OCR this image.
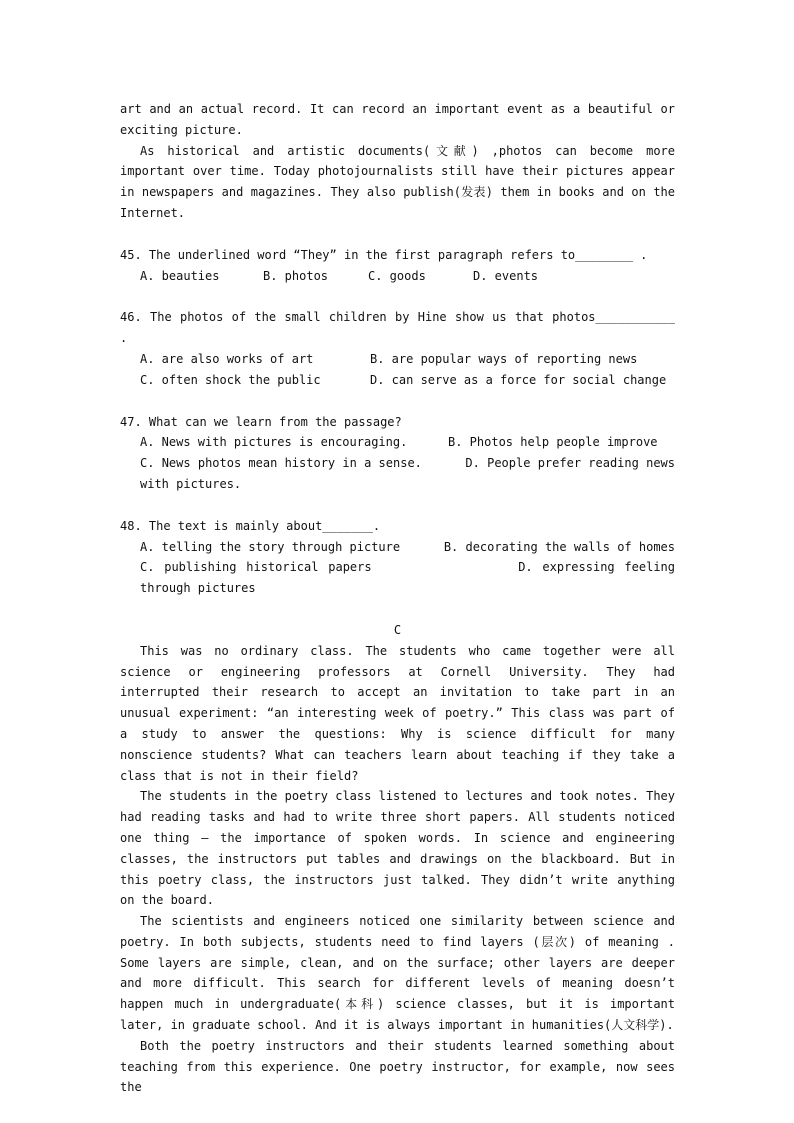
art and an actual record. It can record an important event as a beautiful or exciting picture.

As historical and artistic documents(文献) ,photos can become more important over time. Today photojournalists still have their pictures appear in newspapers and magazines. They also publish(发表) them in books and on the Internet.

45. The underlined word “They” in the first paragraph refers to________ .

A. beauties	B. photos	C. goods	D. events

46. The photos of the small children by Hine show us that photos___________ .

A. are also works of art	B. are popular ways of reporting news
C. often shock the public	D. can serve as a force for social change

47. What can we learn from the passage?

A. News with pictures is encouraging.	B. Photos help people improve

C. News photos mean history in a sense.	D. People prefer reading news with pictures.

48. The text is mainly about_______.

A. telling the story through picture	B. decorating the walls of homes

C. publishing historical papers	D. expressing feeling through pictures

C

This was no ordinary class. The students who came together were all science or engineering professors at Cornell University. They had interrupted their research to accept an invitation to take part in an unusual experiment: “an interesting week of poetry.” This class was part of a study to answer the questions: Why is science difficult for many nonscience students? What can teachers learn about teaching if they take a class that is not in their field?

The students in the poetry class listened to lectures and took notes. They had reading tasks and had to write three short papers. All students noticed one thing – the importance of spoken words. In science and engineering classes, the instructors put tables and drawings on the blackboard. But in this poetry class, the instructors just talked. They didn’t write anything on the board.

The scientists and engineers noticed one similarity between science and poetry. In both subjects, students need to find layers (层次) of meaning . Some layers are simple, clean, and on the surface; other layers are deeper and more difficult. This search for different levels of meaning doesn’t happen much in undergraduate(本科) science classes, but it is important later, in graduate school. And it is always important in humanities(人文科学).

Both the poetry instructors and their students learned something about teaching from this experience. One poetry instructor, for example, now sees the
